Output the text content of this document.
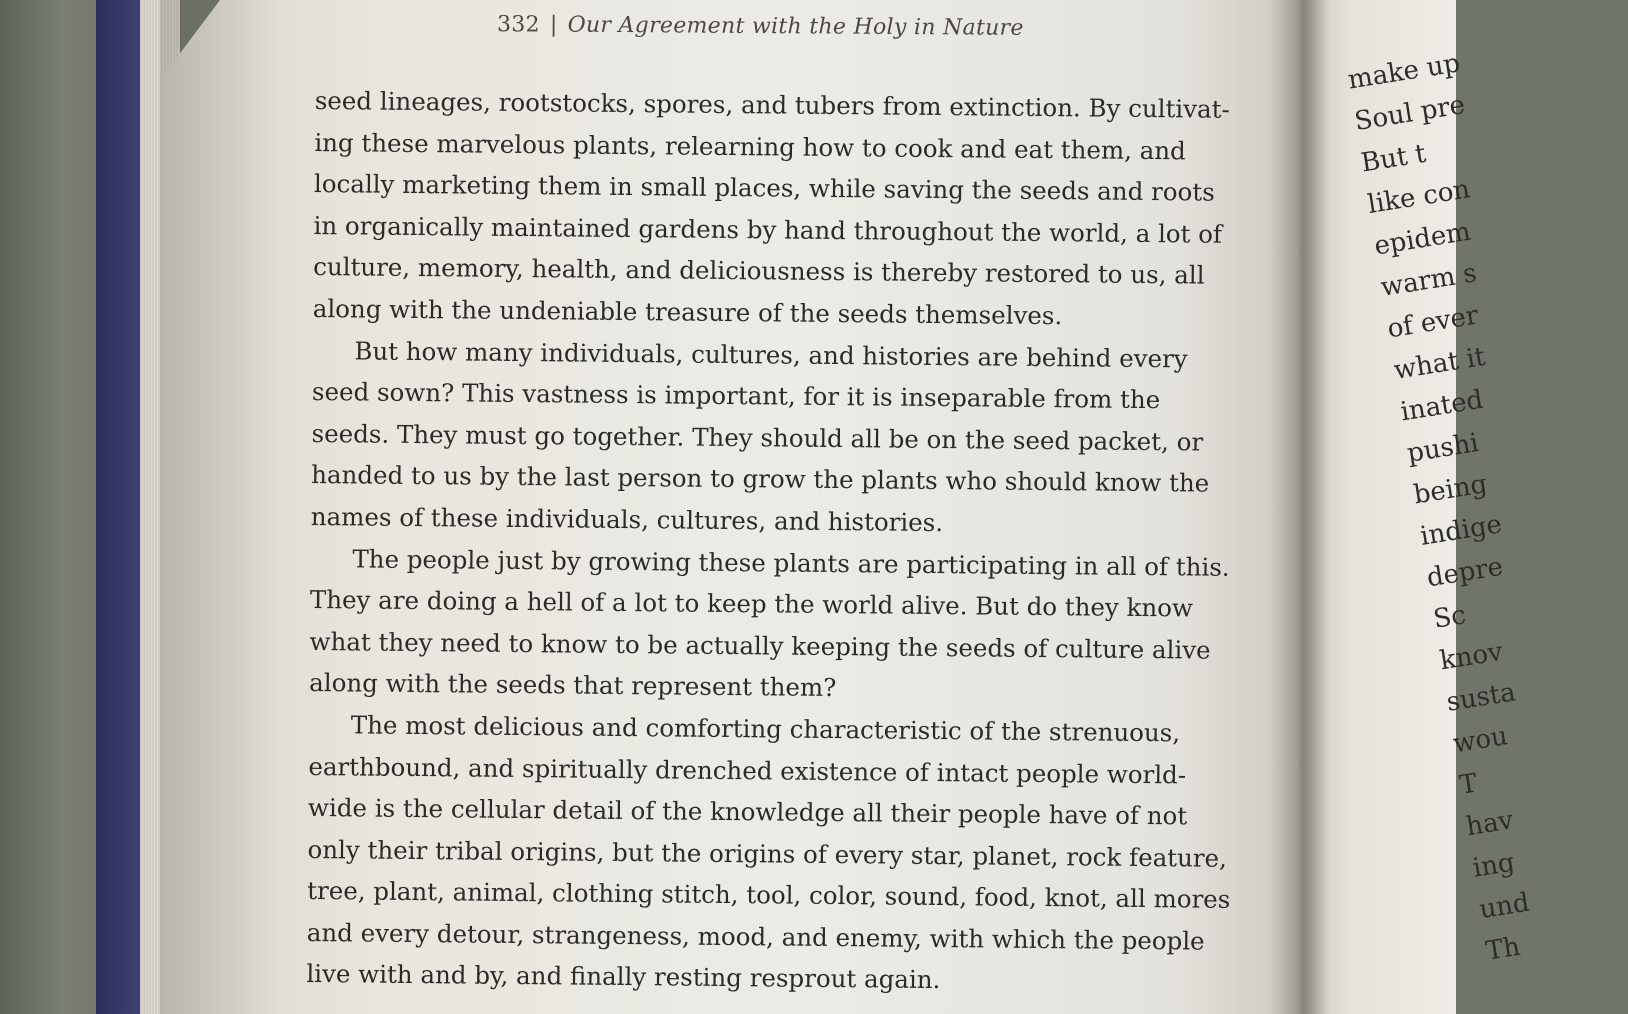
332 | Our Agreement with the Holy in Nature
seed lineages, rootstocks, spores, and tubers from extinction. By cultivat-
ing these marvelous plants, relearning how to cook and eat them, and
locally marketing them in small places, while saving the seeds and roots
in organically maintained gardens by hand throughout the world, a lot of
culture, memory, health, and deliciousness is thereby restored to us, all
along with the undeniable treasure of the seeds themselves.
But how many individuals, cultures, and histories are behind every
seed sown? This vastness is important, for it is inseparable from the
seeds. They must go together. They should all be on the seed packet, or
handed to us by the last person to grow the plants who should know the
names of these individuals, cultures, and histories.
The people just by growing these plants are participating in all of this.
They are doing a hell of a lot to keep the world alive. But do they know
what they need to know to be actually keeping the seeds of culture alive
along with the seeds that represent them?
The most delicious and comforting characteristic of the strenuous,
earthbound, and spiritually drenched existence of intact people world-
wide is the cellular detail of the knowledge all their people have of not
only their tribal origins, but the origins of every star, planet, rock feature,
tree, plant, animal, clothing stitch, tool, color, sound, food, knot, all mores
and every detour, strangeness, mood, and enemy, with which the people
live with and by, and finally resting resprout again.
make up
Soul pre
But t
like con
epidem
warm s
of ever
what it
inated
pushi
being
indige
depre
Sc
knov
susta
wou
T
hav
ing
und
Th
